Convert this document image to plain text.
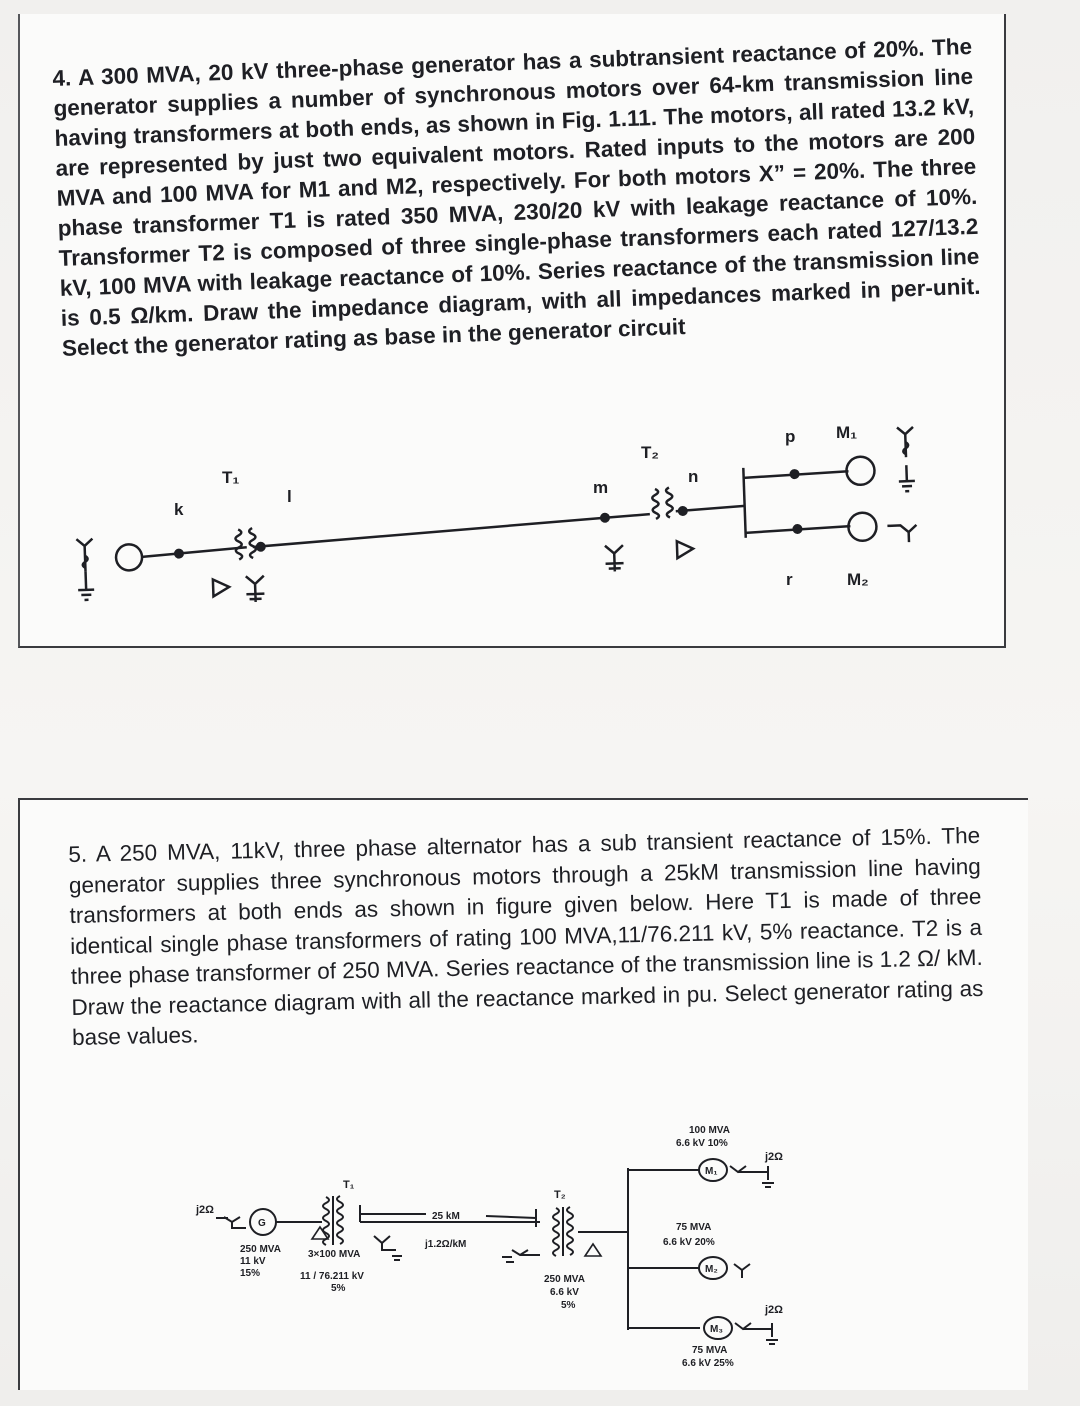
4. A 300 MVA, 20 kV three-phase generator has a subtransient reactance of 20%. The generator supplies a number of synchronous motors over 64-km transmission line having transformers at both ends, as shown in Fig. 1.11. The motors, all rated 13.2 kV, are represented by just two equivalent motors. Rated inputs to the motors are 200 MVA and 100 MVA for M1 and M2, respectively. For both motors X” = 20%. The three phase transformer T1 is rated 350 MVA, 230/20 kV with leakage reactance of 10%. Transformer T2 is composed of three single-phase transformers each rated 127/13.2 kV, 100 MVA with leakage reactance of 10%. Series reactance of the transmission line is 0.5 Ω/km. Draw the impedance diagram, with all impedances marked in per-unit. Select the generator rating as base in the generator circuit

T₁
k
l
T₂
m
n
p M₁
r	M₂

5. A 250 MVA, 11kV, three phase alternator has a sub transient reactance of 15%. The generator supplies three synchronous motors through a 25kM transmission line having transformers at both ends as shown in figure given below. Here T1 is made of three identical single phase transformers of rating 100 MVA,11/76.211 kV, 5% reactance. T2 is a three phase transformer of 250 MVA. Series reactance of the transmission line is 1.2 Ω/ kM. Draw the reactance diagram with all the reactance marked in pu. Select generator rating as base values.

j2Ω
G
250 MVA
11 kV
15%
T₁
3×100 MVA
11 / 76.211 kV
5%
25 kM
j1.2Ω/kM
T₂
250 MVA
6.6 kV
5%
100 MVA
6.6 kV 10%
j2Ω
M₁
75 MVA
6.6 kV 20%
M₂
M₃
j2Ω
75 MVA
6.6 kV 25%
